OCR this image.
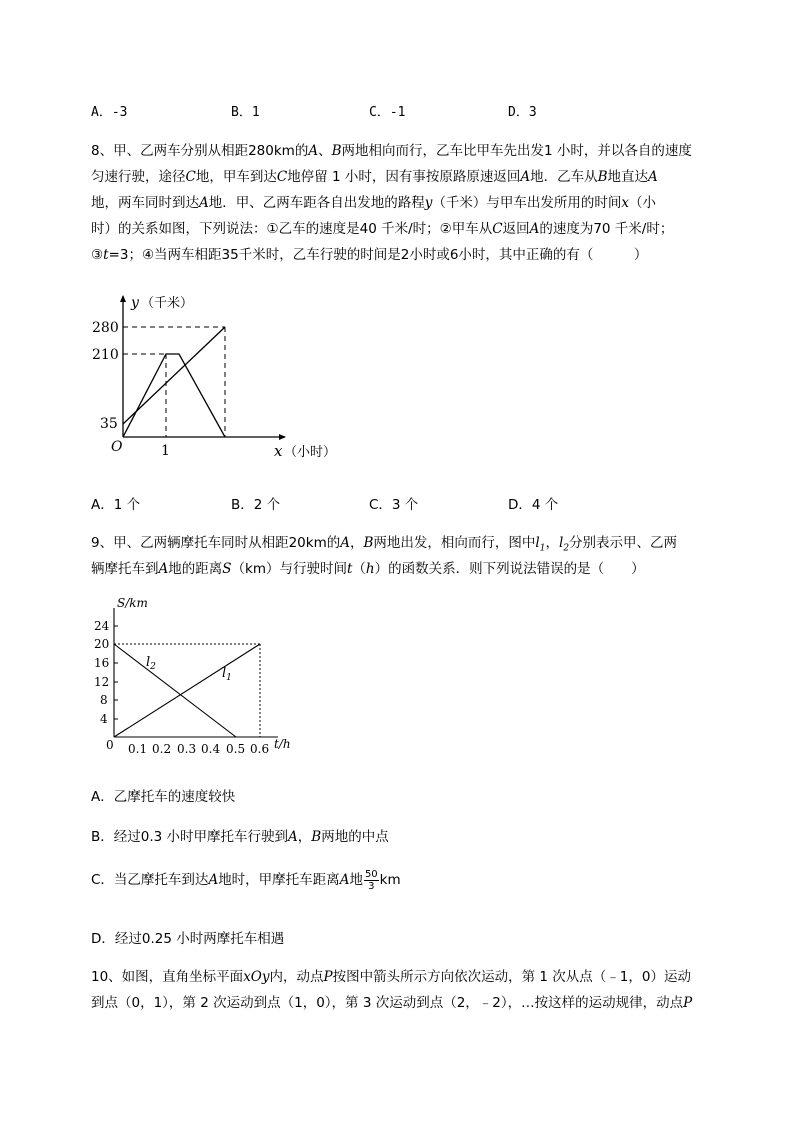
A．-3	B．1	C．-1	D．3
8、甲、乙两车分别从相距280km的A、B两地相向而行，乙车比甲车先出发1 小时，并以各自的速度
匀速行驶，途径C地，甲车到达C地停留 1 小时，因有事按原路原速返回A地．乙车从B地直达A
地，两车同时到达A地．甲、乙两车距各自出发地的路程y（千米）与甲车出发所用的时间x（小
时）的关系如图，下列说法：①乙车的速度是40 千米/时；②甲车从C返回A的速度为70 千米/时；
③t=3；④当两车相距35千米时，乙车行驶的时间是2小时或6小时，其中正确的有（　　　）
y （千米）
280
210
35
O	1	x （小时）
A．1 个	B．2 个	C．3 个	D．4 个
9、甲、乙两辆摩托车同时从相距20km的A，B两地出发，相向而行，图中$l_1$，$l_2$分别表示甲、乙两
辆摩托车到A地的距离S（km）与行驶时间t（h）的函数关系．则下列说法错误的是（　　）
24
20
16
12
8
4
S/km
0 0.1 0.2 0.3 0.4 0.5 0.6 t/h
$l_2$	$l_1$
A．乙摩托车的速度较快
B．经过0.3 小时甲摩托车行驶到A，B两地的中点
C．当乙摩托车到达A地时，甲摩托车距离A地 $\frac{50}{3}$ km
D．经过0.25 小时两摩托车相遇
10、如图，直角坐标平面xOy内，动点P按图中箭头所示方向依次运动，第 1 次从点（﹣1，0）运动
到点（0，1），第 2 次运动到点（1，0），第 3 次运动到点（2，﹣2），…按这样的运动规律，动点P
